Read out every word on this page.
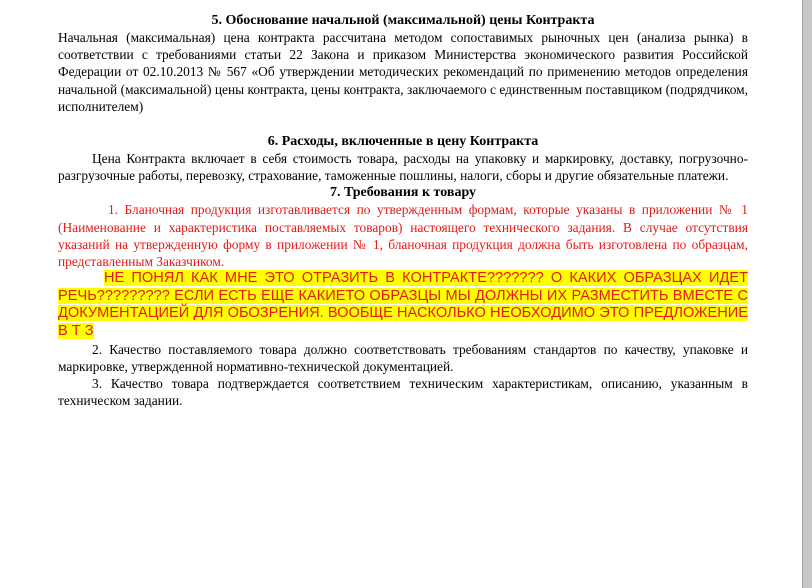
5. Обоснование начальной (максимальной) цены Контракта

Начальная (максимальная) цена контракта рассчитана методом сопоставимых рыночных цен (анализа рынка) в соответствии с требованиями статьи 22 Закона и приказом Министерства экономического развития Российской Федерации от 02.10.2013 № 567 «Об утверждении методических рекомендаций по применению методов определения начальной (максимальной) цены контракта, цены контракта, заключаемого с единственным поставщиком (подрядчиком, исполнителем)

6. Расходы, включенные в цену Контракта

Цена Контракта включает в себя стоимость товара, расходы на упаковку и маркировку, доставку, погрузочно-разгрузочные работы, перевозку, страхование, таможенные пошлины, налоги, сборы и другие обязательные платежи.

7. Требования к товару

1. Бланочная продукция изготавливается по утвержденным формам, которые указаны в приложении № 1 (Наименование и характеристика поставляемых товаров) настоящего технического задания. В случае отсутствия указаний на утвержденную форму в приложении № 1, бланочная продукция должна быть изготовлена по образцам, представленным Заказчиком.

НЕ ПОНЯЛ КАК МНЕ ЭТО ОТРАЗИТЬ В КОНТРАКТЕ??????? О КАКИХ ОБРАЗЦАХ ИДЕТ РЕЧЬ????????? ЕСЛИ ЕСТЬ ЕЩЕ КАКИЕТО ОБРАЗЦЫ МЫ ДОЛЖНЫ ИХ РАЗМЕСТИТЬ ВМЕСТЕ С ДОКУМЕНТАЦИЕЙ ДЛЯ ОБОЗРЕНИЯ. ВООБЩЕ НАСКОЛЬКО НЕОБХОДИМО ЭТО ПРЕДЛОЖЕНИЕ В Т З

2. Качество поставляемого товара должно соответствовать требованиям стандартов по качеству, упаковке и маркировке, утвержденной нормативно-технической документацией.

3. Качество товара подтверждается соответствием техническим характеристикам, описанию, указанным в техническом задании.
